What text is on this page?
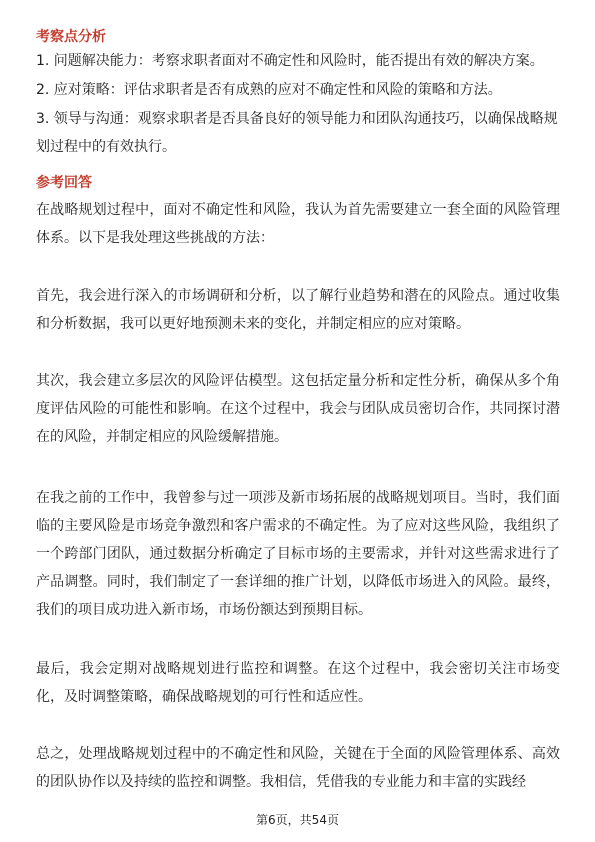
考察点分析

1. 问题解决能力：考察求职者面对不确定性和风险时，能否提出有效的解决方案。

2. 应对策略：评估求职者是否有成熟的应对不确定性和风险的策略和方法。

3. 领导与沟通：观察求职者是否具备良好的领导能力和团队沟通技巧，以确保战略规划过程中的有效执行。

参考回答

在战略规划过程中，面对不确定性和风险，我认为首先需要建立一套全面的风险管理体系。以下是我处理这些挑战的方法：

首先，我会进行深入的市场调研和分析，以了解行业趋势和潜在的风险点。通过收集和分析数据，我可以更好地预测未来的变化，并制定相应的应对策略。

其次，我会建立多层次的风险评估模型。这包括定量分析和定性分析，确保从多个角度评估风险的可能性和影响。在这个过程中，我会与团队成员密切合作，共同探讨潜在的风险，并制定相应的风险缓解措施。

在我之前的工作中，我曾参与过一项涉及新市场拓展的战略规划项目。当时，我们面临的主要风险是市场竞争激烈和客户需求的不确定性。为了应对这些风险，我组织了一个跨部门团队，通过数据分析确定了目标市场的主要需求，并针对这些需求进行了产品调整。同时，我们制定了一套详细的推广计划，以降低市场进入的风险。最终，我们的项目成功进入新市场，市场份额达到预期目标。

最后，我会定期对战略规划进行监控和调整。在这个过程中，我会密切关注市场变化，及时调整策略，确保战略规划的可行性和适应性。

总之，处理战略规划过程中的不确定性和风险，关键在于全面的风险管理体系、高效的团队协作以及持续的监控和调整。我相信，凭借我的专业能力和丰富的实践经

第6页，共54页
